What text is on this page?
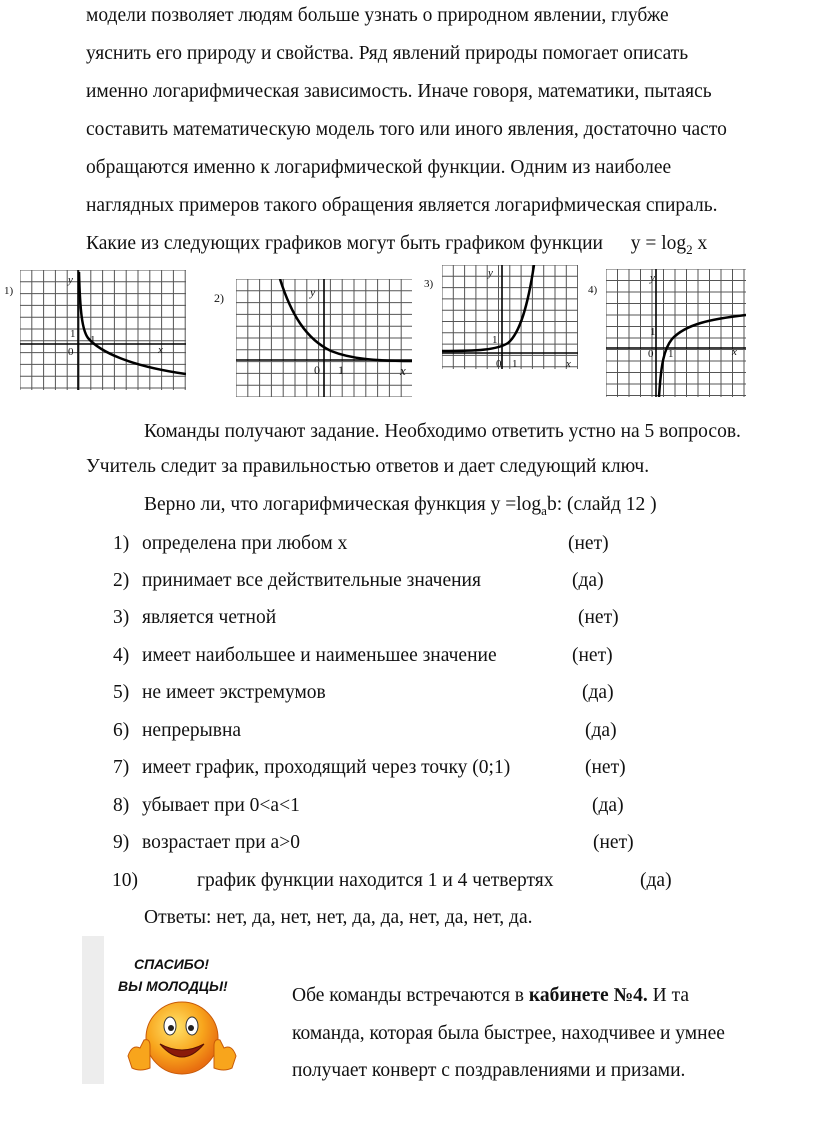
модели позволяет людям больше узнать о природном явлении, глубже
уяснить его природу и свойства. Ряд явлений природы помогает описать
именно логарифмическая зависимость. Иначе говоря, математики, пытаясь
составить математическую модель того или иного явления, достаточно часто
обращаются именно к логарифмической функции. Одним из наиболее
наглядных примеров такого обращения является логарифмическая спираль.
Какие из следующих графиков могут быть графиком функции $y = \log_2 x$
1)
y
x
0
1
1
2)	y
x
0 1
3)
y
x
0 1
1
4)
y
x
0 1
1
Команды получают задание. Необходимо ответить устно на 5 вопросов.
Учитель следит за правильностью ответов и дает следующий ключ.
Верно ли, что логарифмическая функция $y =\log_ab$: (слайд 12 )
1) определена при любом x	(нет)
2) принимает все действительные значения	(да)
3) является четной	(нет)
4) имеет наибольшее и наименьшее значение	(нет)
5) не имеет экстремумов	(да)
6) непрерывна	(да)
7) имеет график, проходящий через точку (0;1)	(нет)
8) убывает при 0<a<1	(да)
9) возрастает при a>0	(нет)
10)	график функции находится 1 и 4 четвертях	(да)
Ответы: нет, да, нет, нет, да, да, нет, да, нет, да.
СПАСИБО!
ВЫ МОЛОДЦЫ!	Обе команды встречаются в кабинете №4. И та
команда, которая была быстрее, находчивее и умнее
получает конверт с поздравлениями и призами.
